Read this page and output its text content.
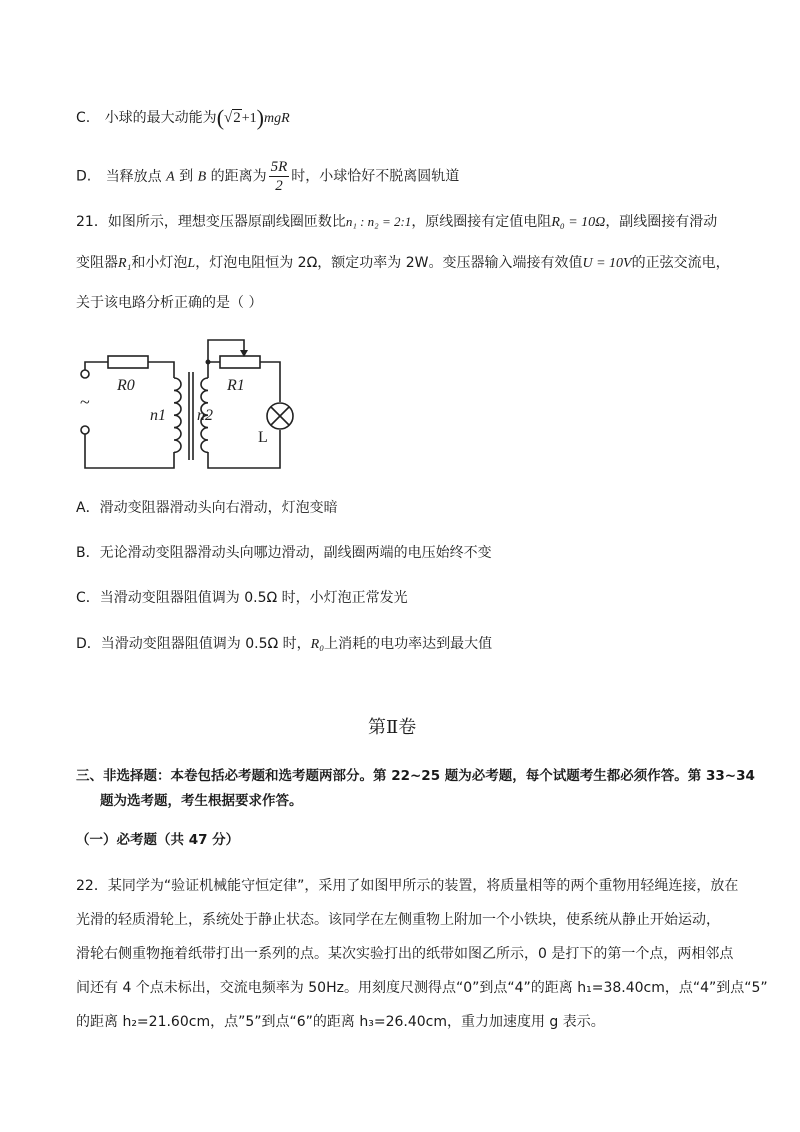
C. 小球的最大动能为(√2+1)mgR
D. 当释放点 A 到 B 的距离为 $\frac{5R}{2}$ 时，小球恰好不脱离圆轨道
21．如图所示，理想变压器原副线圈匝数比n₁ : n₂ = 2:1，原线圈接有定值电阻R₀ = 10Ω，副线圈接有滑动
变阻器R₁和小灯泡L，灯泡电阻恒为 2Ω，额定功率为 2W。变压器输入端接有效值U = 10V的正弦交流电，
关于该电路分析正确的是（ ）
R0	R1
n1 n2
L
~
A．滑动变阻器滑动头向右滑动，灯泡变暗
B．无论滑动变阻器滑动头向哪边滑动，副线圈两端的电压始终不变
C．当滑动变阻器阻值调为 0.5Ω 时，小灯泡正常发光
D．当滑动变阻器阻值调为 0.5Ω 时，R₀上消耗的电功率达到最大值
第Ⅱ卷
三、非选择题：本卷包括必考题和选考题两部分。第 22~25 题为必考题，每个试题考生都必须作答。第 33~34
题为选考题，考生根据要求作答。
（一）必考题（共 47 分）
22．某同学为“验证机械能守恒定律”，采用了如图甲所示的装置，将质量相等的两个重物用轻绳连接，放在
光滑的轻质滑轮上，系统处于静止状态。该同学在左侧重物上附加一个小铁块，使系统从静止开始运动，
滑轮右侧重物拖着纸带打出一系列的点。某次实验打出的纸带如图乙所示，0 是打下的第一个点，两相邻点
间还有 4 个点未标出，交流电频率为 50Hz。用刻度尺测得点“0”到点“4”的距离 h₁=38.40cm，点“4”到点“5”
的距离 h₂=21.60cm，点”5”到点“6”的距离 h₃=26.40cm，重力加速度用 g 表示。
